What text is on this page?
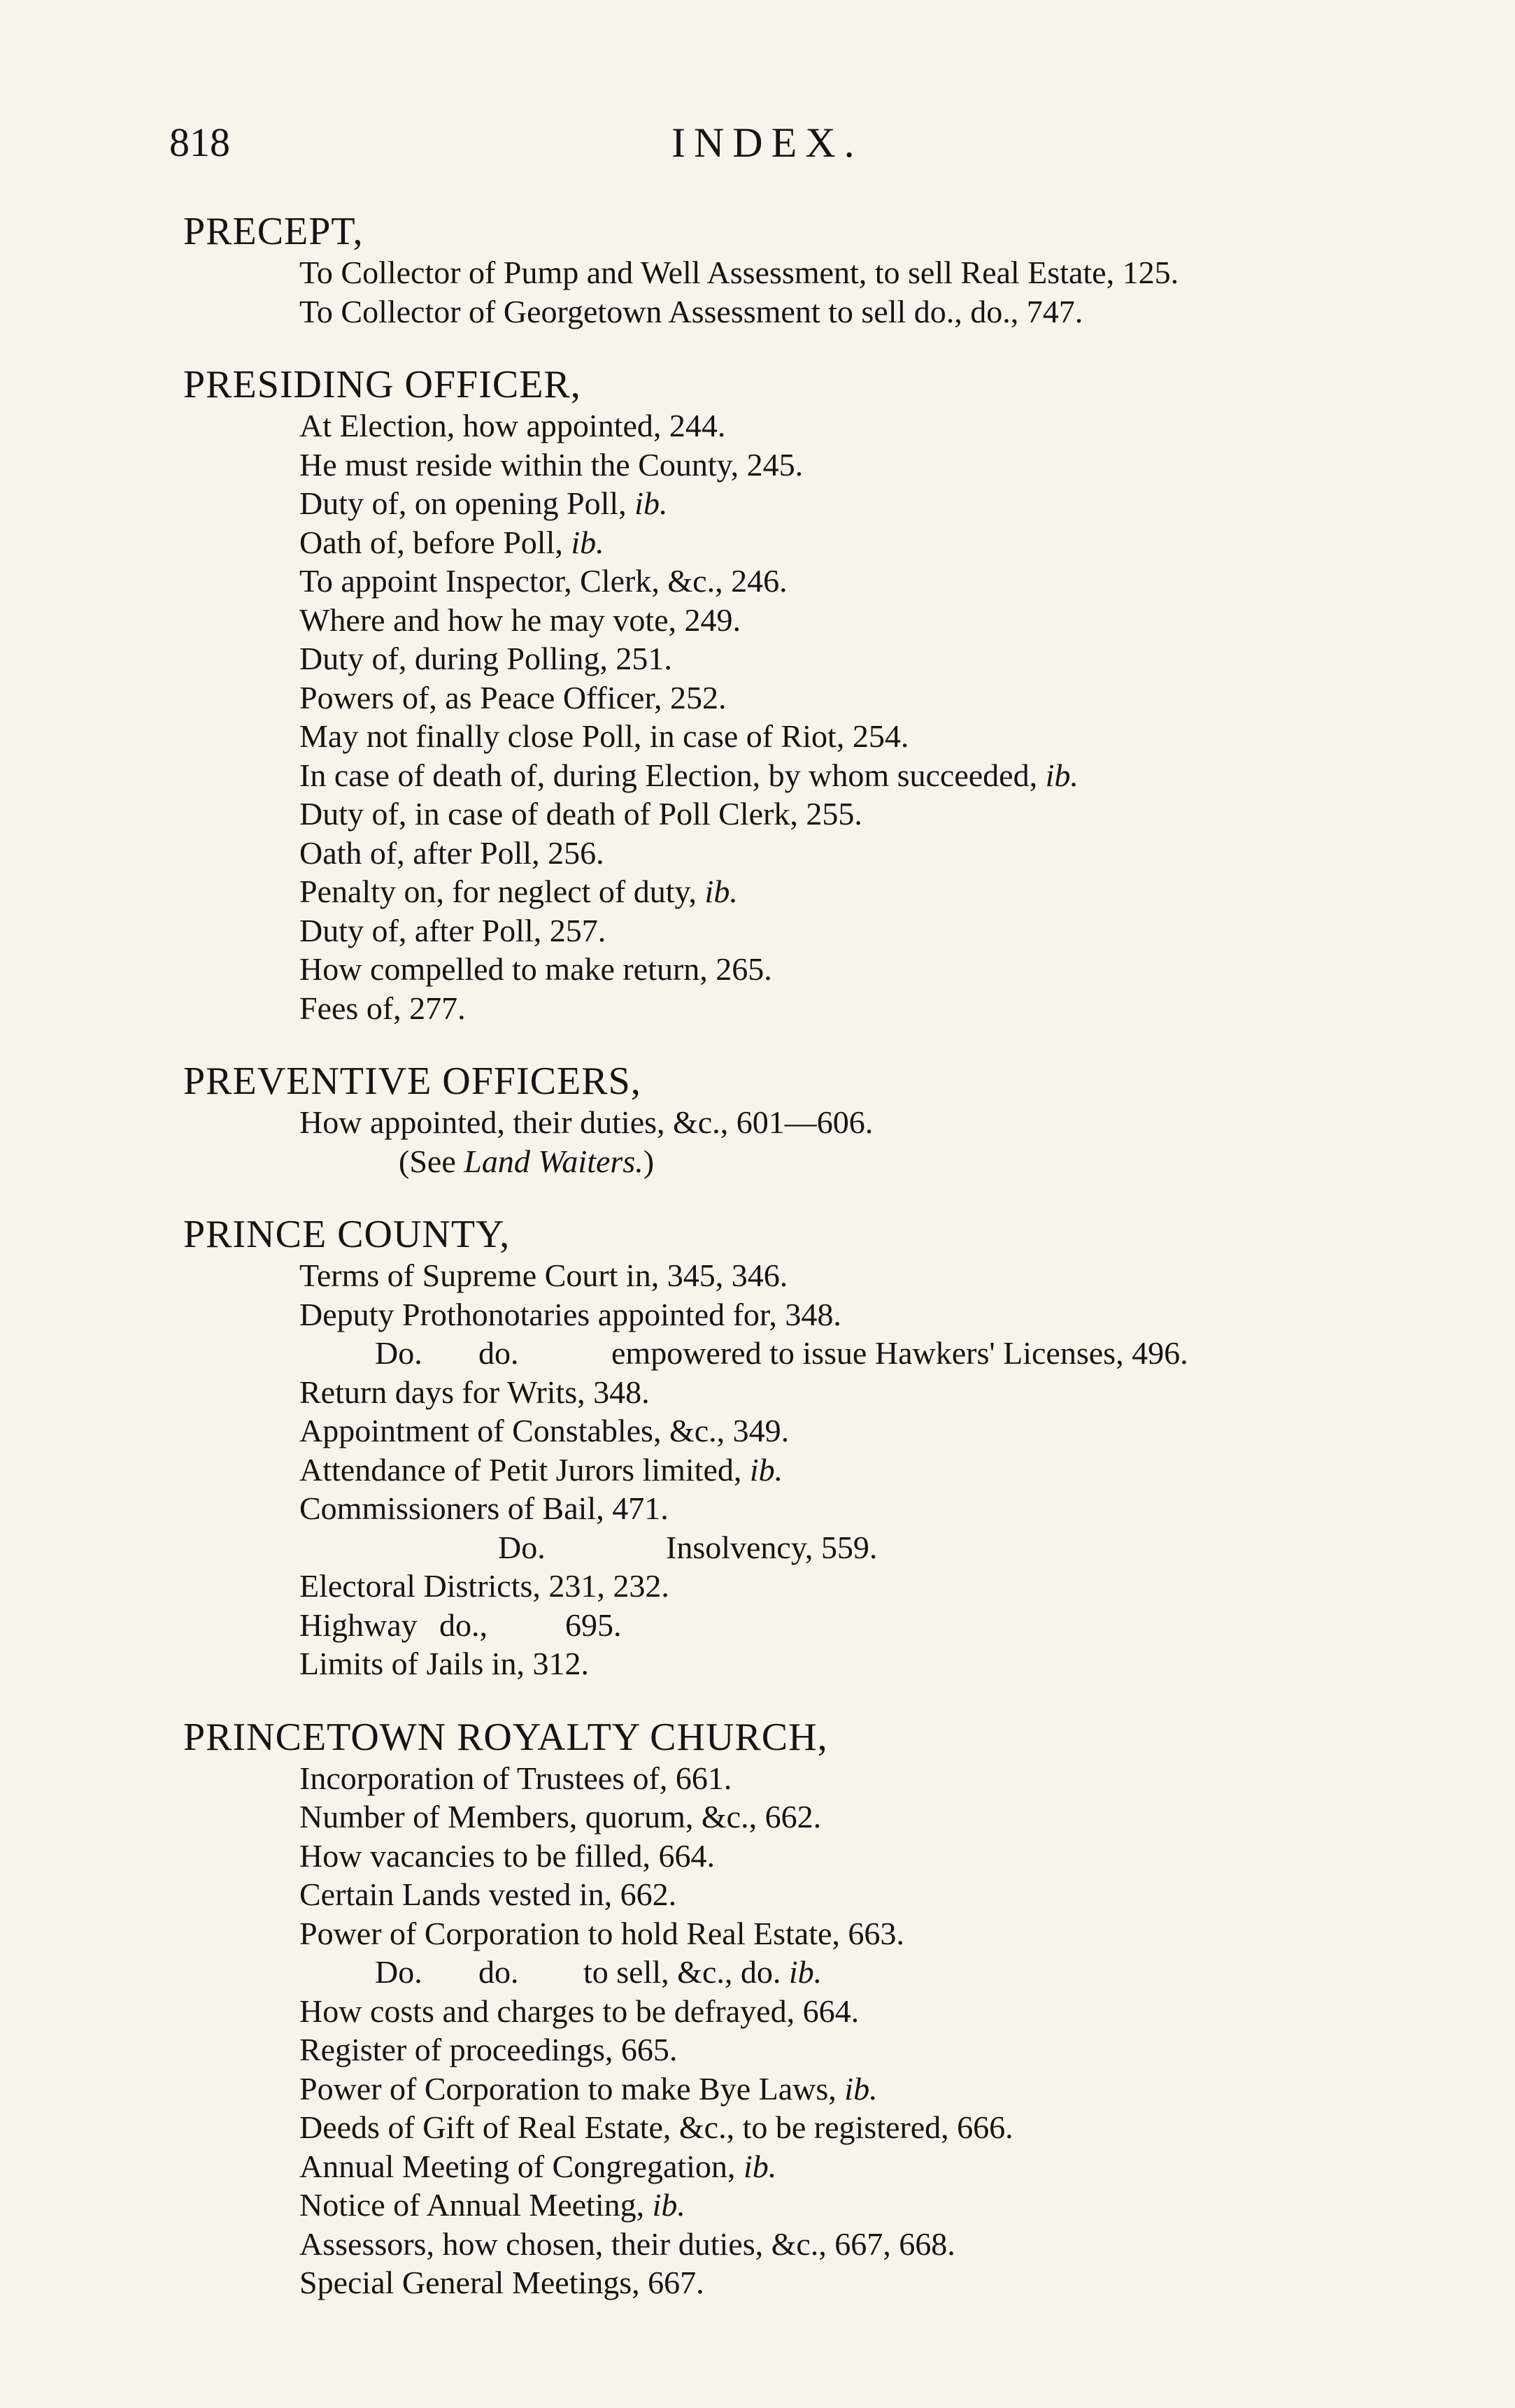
818	INDEX.
PRECEPT,
To Collector of Pump and Well Assessment, to sell Real Estate, 125.
To Collector of Georgetown Assessment to sell do., do., 747.
PRESIDING OFFICER,
At Election, how appointed, 244.
He must reside within the County, 245.
Duty of, on opening Poll, ib.
Oath of, before Poll, ib.
To appoint Inspector, Clerk, &c., 246.
Where and how he may vote, 249.
Duty of, during Polling, 251.
Powers of, as Peace Officer, 252.
May not finally close Poll, in case of Riot, 254.
In case of death of, during Election, by whom succeeded, ib.
Duty of, in case of death of Poll Clerk, 255.
Oath of, after Poll, 256.
Penalty on, for neglect of duty, ib.
Duty of, after Poll, 257.
How compelled to make return, 265.
Fees of, 277.
PREVENTIVE OFFICERS,
How appointed, their duties, &c., 601—606.
(See Land Waiters.)
PRINCE COUNTY,
Terms of Supreme Court in, 345, 346.
Deputy Prothonotaries appointed for, 348.
Do. do.	empowered to issue Hawkers' Licenses, 496.
Return days for Writs, 348.
Appointment of Constables, &c., 349.
Attendance of Petit Jurors limited, ib.
Commissioners of Bail, 471.
Do.	Insolvency, 559.
Electoral Districts, 231, 232.
Highway do., 695.
Limits of Jails in, 312.
PRINCETOWN ROYALTY CHURCH,
Incorporation of Trustees of, 661.
Number of Members, quorum, &c., 662.
How vacancies to be filled, 664.
Certain Lands vested in, 662.
Power of Corporation to hold Real Estate, 663.
Do. do. to sell, &c., do. ib.
How costs and charges to be defrayed, 664.
Register of proceedings, 665.
Power of Corporation to make Bye Laws, ib.
Deeds of Gift of Real Estate, &c., to be registered, 666.
Annual Meeting of Congregation, ib.
Notice of Annual Meeting, ib.
Assessors, how chosen, their duties, &c., 667, 668.
Special General Meetings, 667.
